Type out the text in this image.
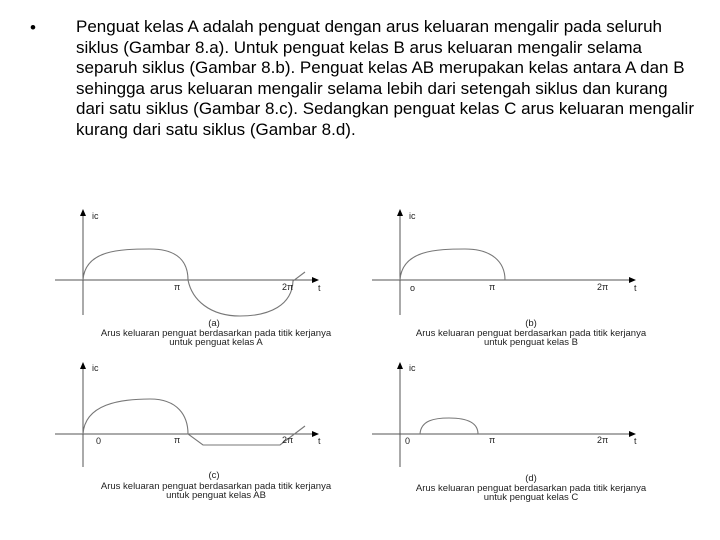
• Penguat kelas A adalah penguat dengan arus keluaran mengalir pada seluruh siklus (Gambar 8.a). Untuk penguat kelas B arus keluaran mengalir selama separuh siklus (Gambar 8.b). Penguat kelas AB merupakan kelas antara A dan B sehingga arus keluaran mengalir selama lebih dari setengah siklus dan kurang dari satu siklus (Gambar 8.c). Sedangkan penguat kelas C arus keluaran mengalir kurang dari satu siklus (Gambar 8.d).

ic
π	2π	t
(a)
Arus keluaran penguat berdasarkan pada titik kerjanya
untuk penguat kelas A
ic
o	π	2π	t
(b)
Arus keluaran penguat berdasarkan pada titik kerjanya
untuk penguat kelas B
ic
0	π	2π	t
(c)
Arus keluaran penguat berdasarkan pada titik kerjanya
untuk penguat kelas AB
ic
0	π	2π	t
(d)
Arus keluaran penguat berdasarkan pada titik kerjanya
untuk penguat kelas C
